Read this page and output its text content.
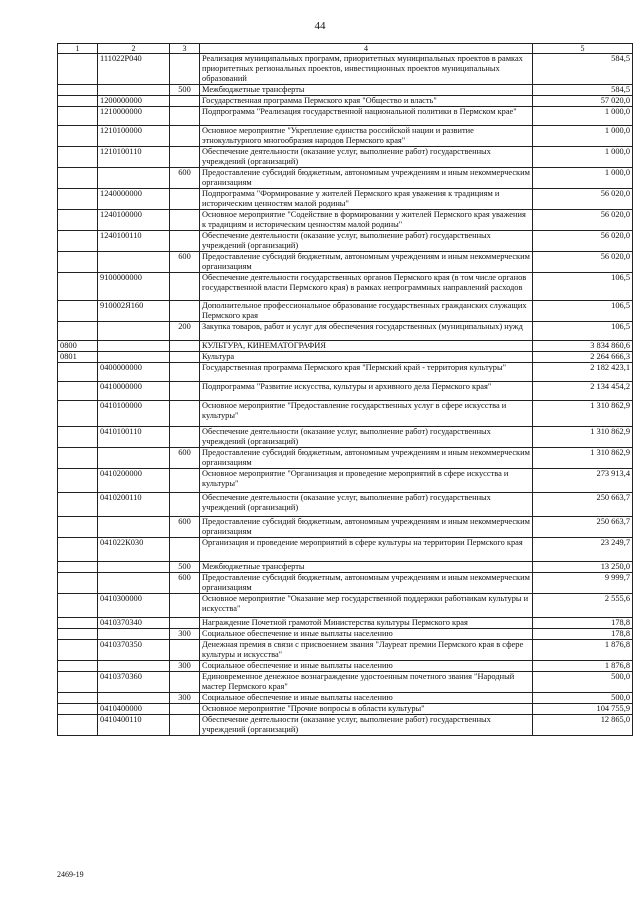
44
1	2	3	4	5
	111022P040		Реализация муниципальных программ, приоритетных муниципальных проектов в рамках приоритетных региональных проектов, инвестиционных проектов муниципальных образований	584,5
		500	Межбюджетные трансферты	584,5
	1200000000		Государственная программа Пермского края "Общество и власть"	57 020,0
	1210000000		Подпрограмма "Реализация государственной национальной политики в Пермском крае"	1 000,0
	1210100000		Основное мероприятие "Укрепление единства российской нации и развитие этнокультурного многообразия народов Пермского края"	1 000,0
	1210100110		Обеспечение деятельности (оказание услуг, выполнение работ) государственных учреждений (организаций)	1 000,0
		600	Предоставление субсидий бюджетным, автономным учреждениям и иным некоммерческим организациям	1 000,0
	1240000000		Подпрограмма "Формирование у жителей Пермского края уважения к традициям и историческим ценностям малой родины"	56 020,0
	1240100000		Основное мероприятие "Содействие в формировании у жителей Пермского края уважения к традициям и историческим ценностям малой родины"	56 020,0
	1240100110		Обеспечение деятельности (оказание услуг, выполнение работ) государственных учреждений (организаций)	56 020,0
		600	Предоставление субсидий бюджетным, автономным учреждениям и иным некоммерческим организациям	56 020,0
	9100000000		Обеспечение деятельности государственных органов Пермского края (в том числе органов государственной власти Пермского края) в рамках непрограммных направлений расходов	106,5
	910002Я160		Дополнительное профессиональное образование государственных гражданских служащих Пермского края	106,5
		200	Закупка товаров, работ и услуг для обеспечения государственных (муниципальных) нужд	106,5
0800			КУЛЬТУРА, КИНЕМАТОГРАФИЯ	3 834 860,6
0801			Культура	2 264 666,3
	0400000000		Государственная программа Пермского края "Пермский край - территория культуры"	2 182 423,1
	0410000000		Подпрограмма "Развитие искусства, культуры и архивного дела Пермского края"	2 134 454,2
	0410100000		Основное мероприятие "Предоставление государственных услуг в сфере искусства и культуры"	1 310 862,9
	0410100110		Обеспечение деятельности (оказание услуг, выполнение работ) государственных учреждений (организаций)	1 310 862,9
		600	Предоставление субсидий бюджетным, автономным учреждениям и иным некоммерческим организациям	1 310 862,9
	0410200000		Основное мероприятие "Организация и проведение мероприятий в сфере искусства и культуры"	273 913,4
	0410200110		Обеспечение деятельности (оказание услуг, выполнение работ) государственных учреждений (организаций)	250 663,7
		600	Предоставление субсидий бюджетным, автономным учреждениям и иным некоммерческим организациям	250 663,7
	041022К030		Организация и проведение мероприятий в сфере культуры на территории Пермского края	23 249,7
		500	Межбюджетные трансферты	13 250,0
		600	Предоставление субсидий бюджетным, автономным учреждениям и иным некоммерческим организациям	9 999,7
	0410300000		Основное мероприятие "Оказание мер государственной поддержки работникам культуры и искусства"	2 555,6
	0410370340		Награждение Почетной грамотой Министерства культуры Пермского края	178,8
		300	Социальное обеспечение и иные выплаты населению	178,8
	0410370350		Денежная премия в связи с присвоением звания "Лауреат премии Пермского края в сфере культуры и искусства"	1 876,8
		300	Социальное обеспечение и иные выплаты населению	1 876,8
	0410370360		Единовременное денежное вознаграждение удостоенным почетного звания "Народный мастер Пермского края"	500,0
		300	Социальное обеспечение и иные выплаты населению	500,0
	0410400000		Основное мероприятие "Прочие вопросы в области культуры"	104 755,9
	0410400110		Обеспечение деятельности (оказание услуг, выполнение работ) государственных учреждений (организаций)	12 865,0
2469-19
